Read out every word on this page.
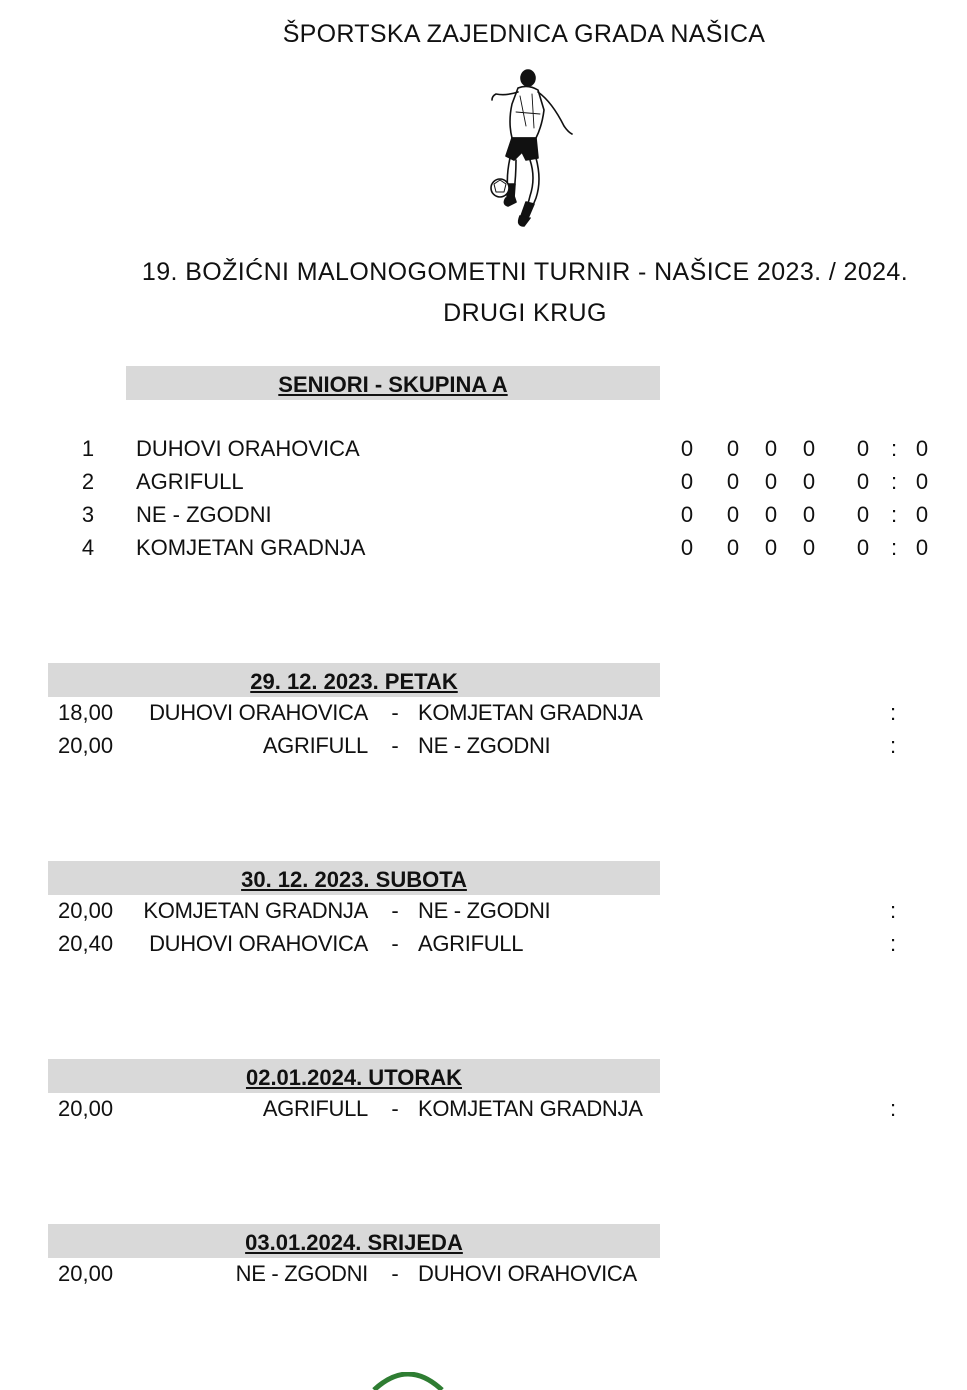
ŠPORTSKA ZAJEDNICA GRADA NAŠICA
19. BOŽIĆNI MALONOGOMETNI TURNIR - NAŠICE 2023. / 2024.
DRUGI KRUG
SENIORI - SKUPINA A
1	DUHOVI ORAHOVICA	0	0	0	0	0 : 0
2	AGRIFULL	0	0	0	0	0 : 0
3	NE - ZGODNI	0	0	0	0	0 : 0
4	KOMJETAN GRADNJA	0	0	0	0	0 : 0
29. 12. 2023. PETAK
18,00	DUHOVI ORAHOVICA - KOMJETAN GRADNJA	:
20,00	AGRIFULL - NE - ZGODNI	:
30. 12. 2023. SUBOTA
20,00	KOMJETAN GRADNJA - NE - ZGODNI	:
20,40	DUHOVI ORAHOVICA - AGRIFULL	:
02.01.2024. UTORAK
20,00	AGRIFULL - KOMJETAN GRADNJA	:
03.01.2024. SRIJEDA
20,00	NE - ZGODNI - DUHOVI ORAHOVICA
